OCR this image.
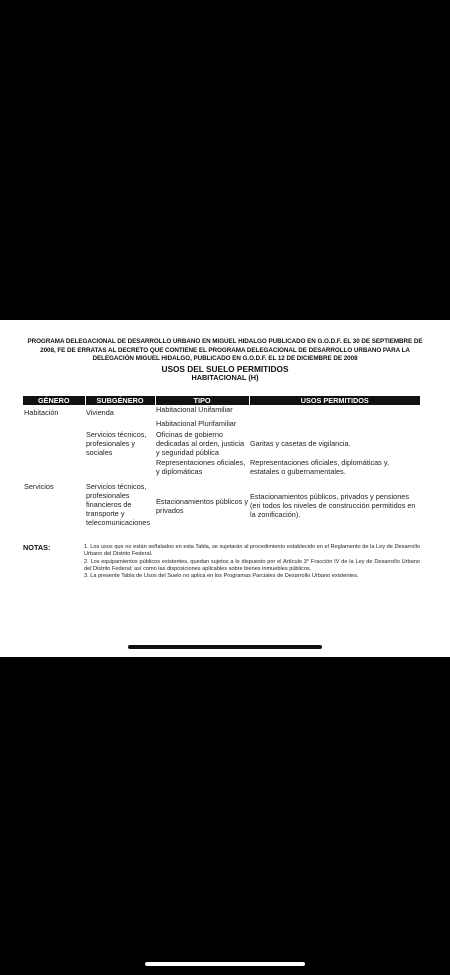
PROGRAMA DELEGACIONAL DE DESARROLLO URBANO EN MIGUEL HIDALGO PUBLICADO EN G.O.D.F. EL 30 DE SEPTIEMBRE DE 2008, FE DE ERRATAS AL DECRETO QUE CONTIENE EL PROGRAMA DELEGACIONAL DE DESARROLLO URBANO PARA LA DELEGACIÓN MIGUEL HIDALGO, PUBLICADO EN G.O.D.F. EL 12 DE DICIEMBRE DE 2008
USOS DEL SUELO PERMITIDOS
HABITACIONAL (H)
GÉNERO	SUBGÉNERO	TIPO	USOS PERMITIDOS
Habitación	Vivienda	Habitacional Unifamiliar	
		Habitacional Plurifamiliar	
	Servicios técnicos, profesionales y sociales	Oficinas de gobierno dedicadas al orden, justicia y seguridad pública	Garitas y casetas de vigilancia.
		Representaciones oficiales, y diplomáticas	Representaciones oficiales, diplomáticas y, estatales o gubernamentales.
Servicios	Servicios técnicos, profesionales financieros de transporte y telecomunicaciones	Estacionamientos públicos y privados	Estacionamientos públicos, privados y pensiones (en todos los niveles de construcción permitidos en la zonificación).
NOTAS:	1. Los usos que no están señalados en esta Tabla, se sujetarán al procedimiento establecido en el Reglamento de la Ley de Desarrollo Urbano del Distrito Federal.
2. Los equipamientos públicos existentes, quedan sujetos a lo dispuesto por el Artículo 3° Fracción IV de la Ley de Desarrollo Urbano del Distrito Federal; así como las disposiciones aplicables sobre bienes inmuebles públicos.
3. La presente Tabla de Usos del Suelo no aplica en los Programas Parciales de Desarrollo Urbano existentes.
